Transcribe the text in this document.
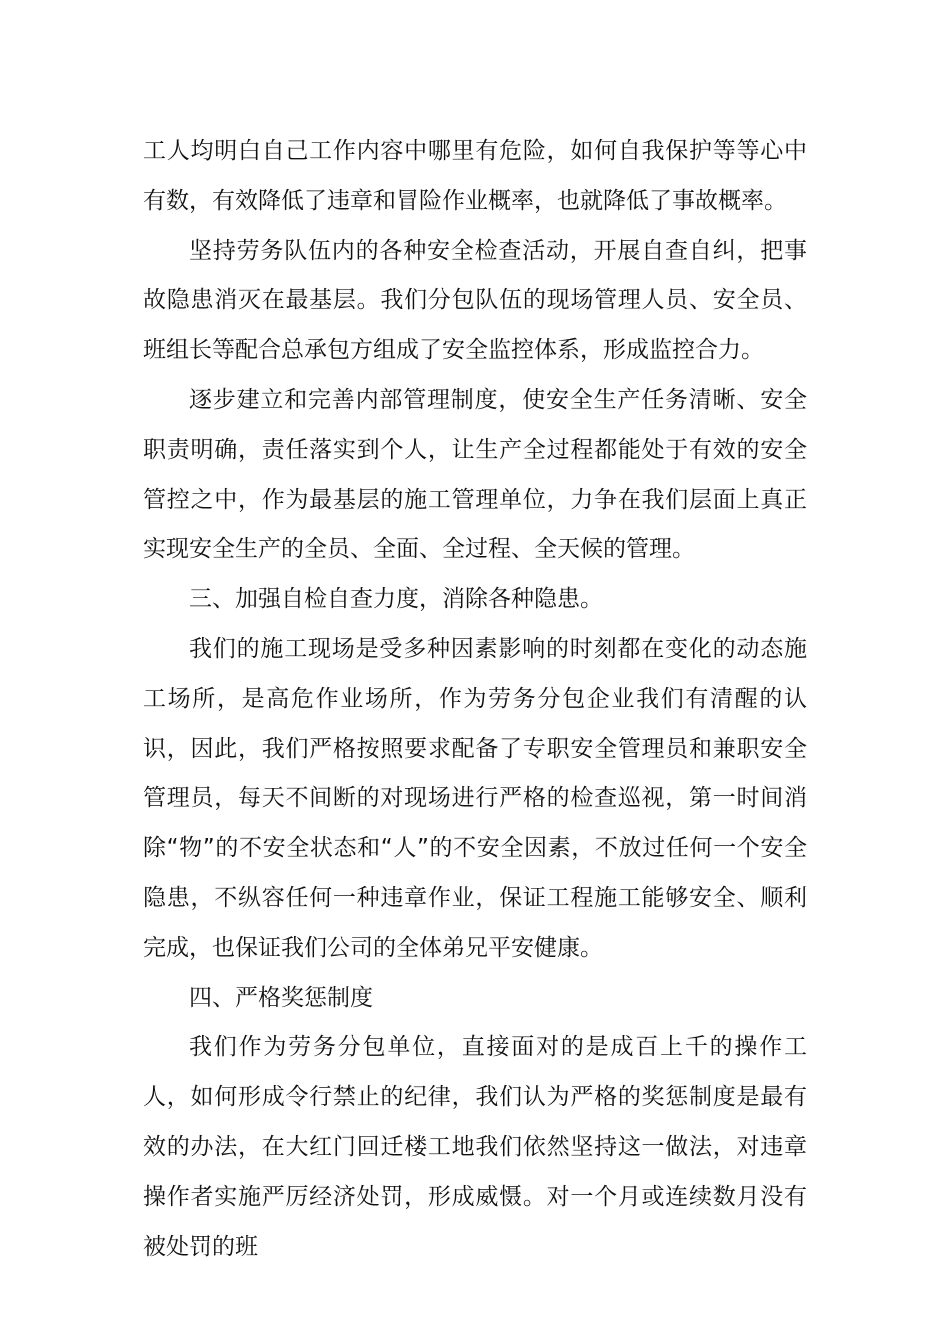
工人均明白自己工作内容中哪里有危险，如何自我保护等等心中有数，有效降低了违章和冒险作业概率，也就降低了事故概率。

坚持劳务队伍内的各种安全检查活动，开展自查自纠，把事故隐患消灭在最基层。我们分包队伍的现场管理人员、安全员、班组长等配合总承包方组成了安全监控体系，形成监控合力。

逐步建立和完善内部管理制度，使安全生产任务清晰、安全职责明确，责任落实到个人，让生产全过程都能处于有效的安全管控之中，作为最基层的施工管理单位，力争在我们层面上真正实现安全生产的全员、全面、全过程、全天候的管理。

三、加强自检自查力度，消除各种隐患。

我们的施工现场是受多种因素影响的时刻都在变化的动态施工场所，是高危作业场所，作为劳务分包企业我们有清醒的认识，因此，我们严格按照要求配备了专职安全管理员和兼职安全管理员，每天不间断的对现场进行严格的检查巡视，第一时间消除“物”的不安全状态和“人”的不安全因素，不放过任何一个安全隐患，不纵容任何一种违章作业，保证工程施工能够安全、顺利完成，也保证我们公司的全体弟兄平安健康。

四、严格奖惩制度

我们作为劳务分包单位，直接面对的是成百上千的操作工人，如何形成令行禁止的纪律，我们认为严格的奖惩制度是最有效的办法，在大红门回迁楼工地我们依然坚持这一做法，对违章操作者实施严厉经济处罚，形成威慑。对一个月或连续数月没有被处罚的班
